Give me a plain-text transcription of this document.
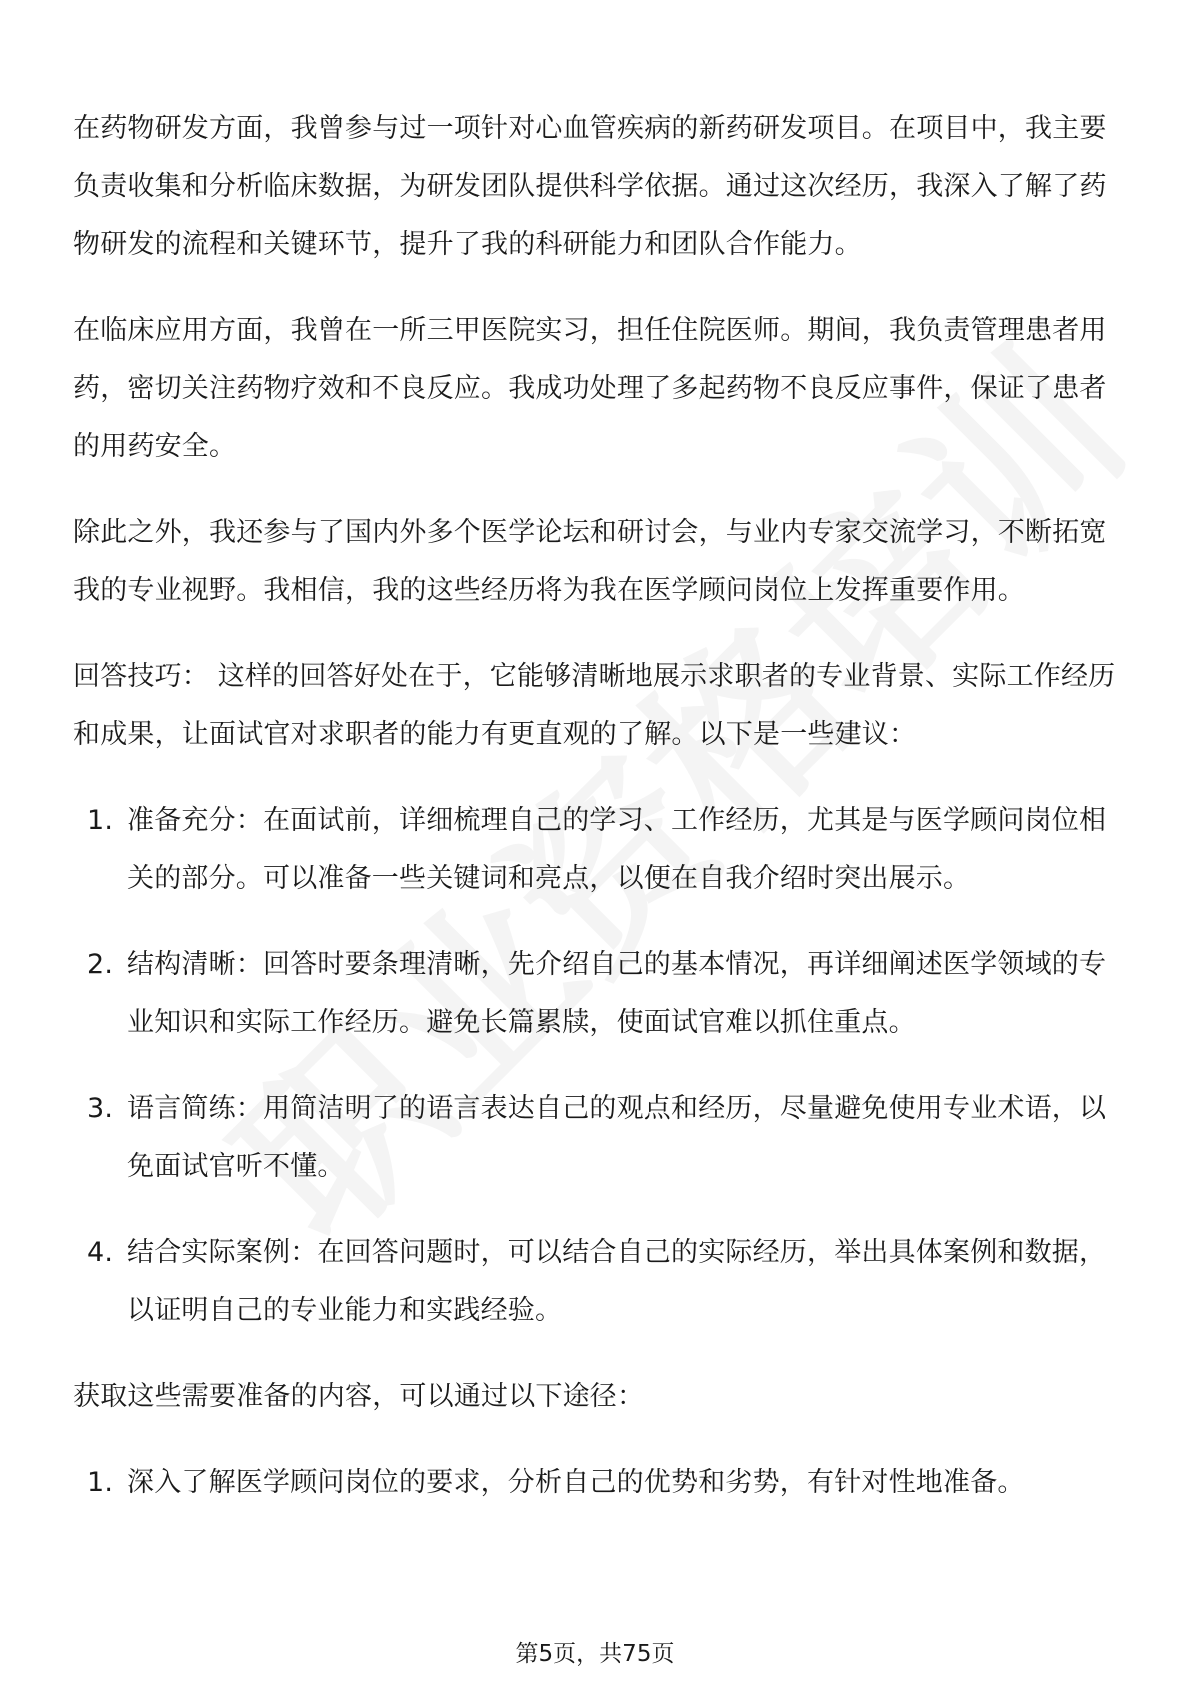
在药物研发方面，我曾参与过一项针对心血管疾病的新药研发项目。在项目中，我主要负责收集和分析临床数据，为研发团队提供科学依据。通过这次经历，我深入了解了药物研发的流程和关键环节，提升了我的科研能力和团队合作能力。

在临床应用方面，我曾在一所三甲医院实习，担任住院医师。期间，我负责管理患者用药，密切关注药物疗效和不良反应。我成功处理了多起药物不良反应事件，保证了患者的用药安全。

除此之外，我还参与了国内外多个医学论坛和研讨会，与业内专家交流学习，不断拓宽我的专业视野。我相信，我的这些经历将为我在医学顾问岗位上发挥重要作用。

回答技巧： 这样的回答好处在于，它能够清晰地展示求职者的专业背景、实际工作经历和成果，让面试官对求职者的能力有更直观的了解。以下是一些建议：

1. 准备充分：在面试前，详细梳理自己的学习、工作经历，尤其是与医学顾问岗位相关的部分。可以准备一些关键词和亮点，以便在自我介绍时突出展示。
2. 结构清晰：回答时要条理清晰，先介绍自己的基本情况，再详细阐述医学领域的专业知识和实际工作经历。避免长篇累牍，使面试官难以抓住重点。
3. 语言简练：用简洁明了的语言表达自己的观点和经历，尽量避免使用专业术语，以免面试官听不懂。
4. 结合实际案例：在回答问题时，可以结合自己的实际经历，举出具体案例和数据，以证明自己的专业能力和实践经验。

获取这些需要准备的内容，可以通过以下途径：

1. 深入了解医学顾问岗位的要求，分析自己的优势和劣势，有针对性地准备。
第5页，共75页
